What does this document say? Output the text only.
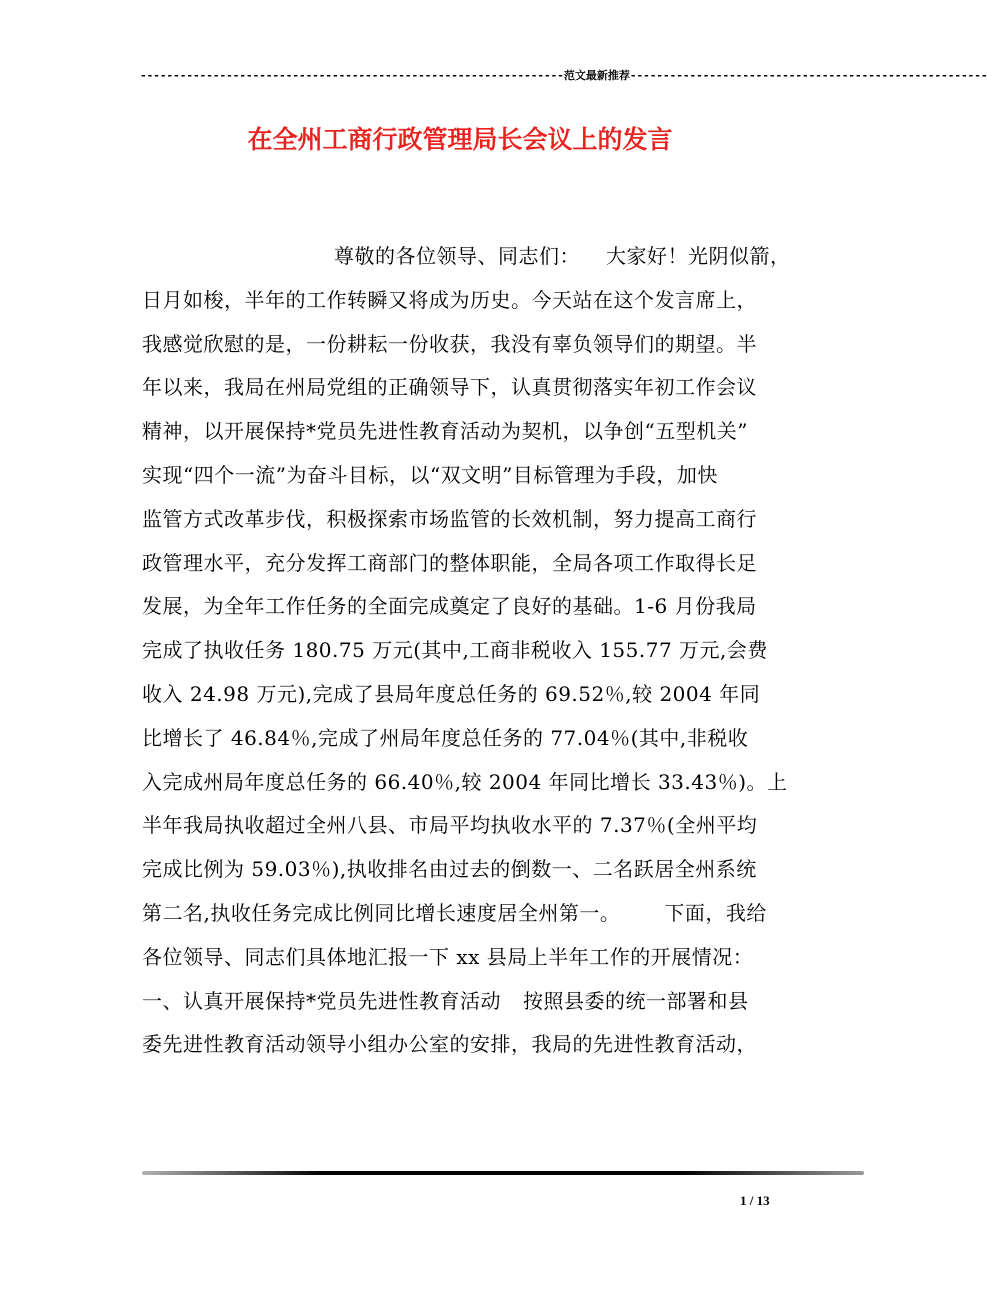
----------------------------------------------------------------范文最新推荐------------------------------------------------------
在全州工商行政管理局长会议上的发言
尊敬的各位领导、同志们： 大家好！光阴似箭，
日月如梭，半年的工作转瞬又将成为历史。今天站在这个发言席上，
我感觉欣慰的是，一份耕耘一份收获，我没有辜负领导们的期望。半
年以来，我局在州局党组的正确领导下，认真贯彻落实年初工作会议
精神，以开展保持*党员先进性教育活动为契机，以争创“五型机关”
实现“四个一流”为奋斗目标，以“双文明”目标管理为手段，加快
监管方式改革步伐，积极探索市场监管的长效机制，努力提高工商行
政管理水平，充分发挥工商部门的整体职能，全局各项工作取得长足
发展，为全年工作任务的全面完成奠定了良好的基础。1-6 月份我局
完成了执收任务 180.75 万元(其中,工商非税收入 155.77 万元,会费
收入 24.98 万元),完成了县局年度总任务的 69.52％,较 2004 年同
比增长了 46.84％,完成了州局年度总任务的 77.04％(其中,非税收
入完成州局年度总任务的 66.40％,较 2004 年同比增长 33.43％)。上
半年我局执收超过全州八县、市局平均执收水平的 7.37％(全州平均
完成比例为 59.03％),执收排名由过去的倒数一、二名跃居全州系统
第二名,执收任务完成比例同比增长速度居全州第一。 下面，我给
各位领导、同志们具体地汇报一下 xx 县局上半年工作的开展情况：
一、认真开展保持*党员先进性教育活动 按照县委的统一部署和县
委先进性教育活动领导小组办公室的安排，我局的先进性教育活动，
1 / 13
